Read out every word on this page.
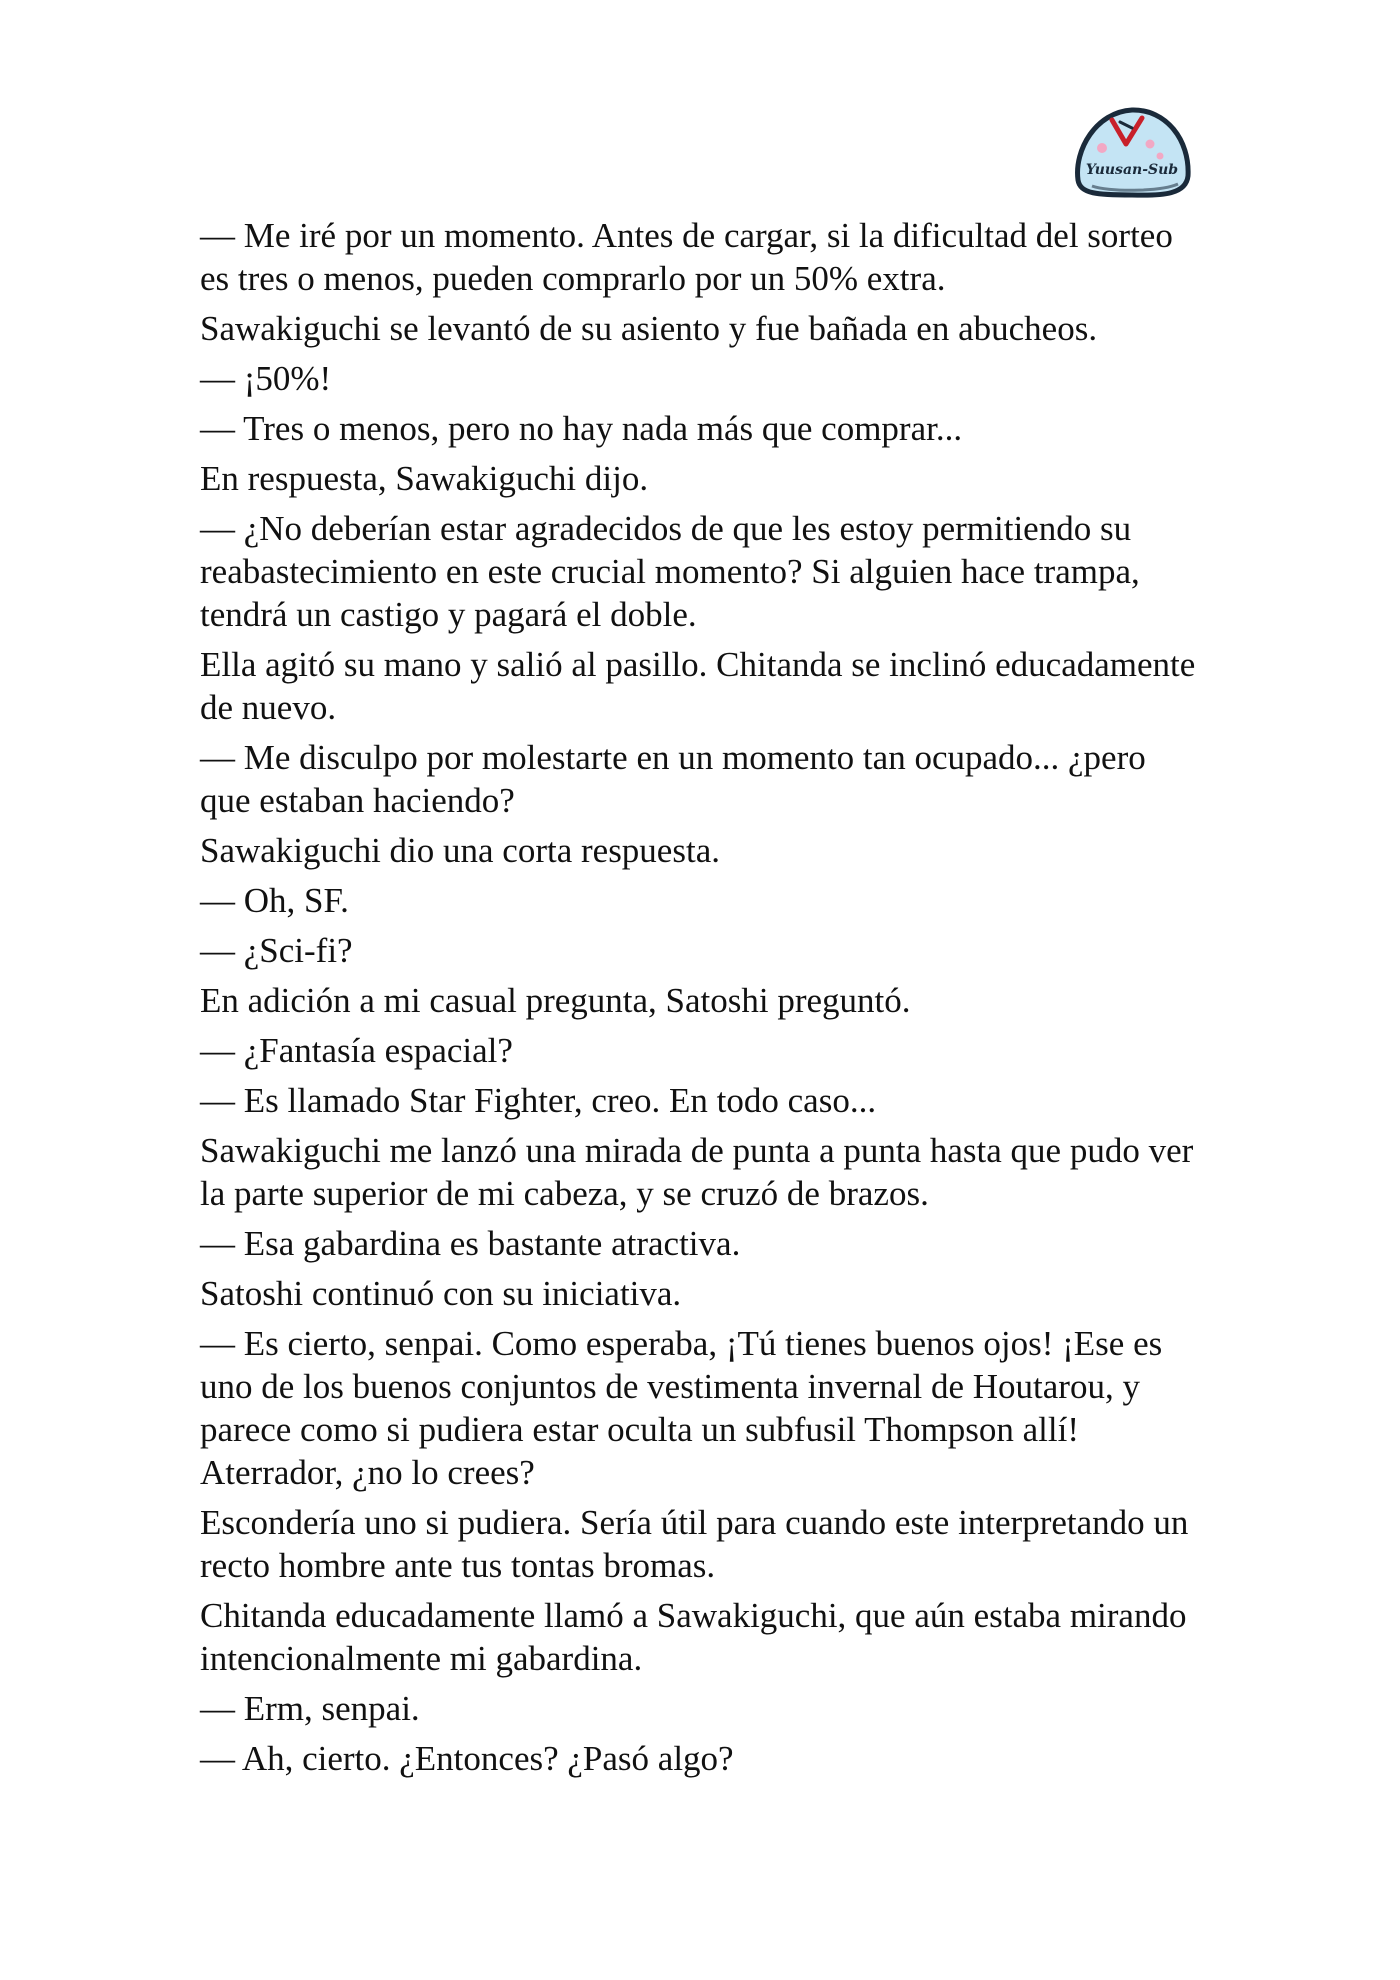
Yuusan-Sub

— Me iré por un momento. Antes de cargar, si la dificultad del sorteo es tres o menos, pueden comprarlo por un 50% extra.

Sawakiguchi se levantó de su asiento y fue bañada en abucheos.

— ¡50%!

— Tres o menos, pero no hay nada más que comprar...

En respuesta, Sawakiguchi dijo.

— ¿No deberían estar agradecidos de que les estoy permitiendo su reabastecimiento en este crucial momento? Si alguien hace trampa, tendrá un castigo y pagará el doble.

Ella agitó su mano y salió al pasillo. Chitanda se inclinó educadamente de nuevo.

— Me disculpo por molestarte en un momento tan ocupado... ¿pero que estaban haciendo?

Sawakiguchi dio una corta respuesta.

— Oh, SF.

— ¿Sci-fi?

En adición a mi casual pregunta, Satoshi preguntó.

— ¿Fantasía espacial?

— Es llamado Star Fighter, creo. En todo caso...

Sawakiguchi me lanzó una mirada de punta a punta hasta que pudo ver la parte superior de mi cabeza, y se cruzó de brazos.

— Esa gabardina es bastante atractiva.

Satoshi continuó con su iniciativa.

— Es cierto, senpai. Como esperaba, ¡Tú tienes buenos ojos! ¡Ese es uno de los buenos conjuntos de vestimenta invernal de Houtarou, y parece como si pudiera estar oculta un subfusil Thompson allí! Aterrador, ¿no lo crees?

Escondería uno si pudiera. Sería útil para cuando este interpretando un recto hombre ante tus tontas bromas.

Chitanda educadamente llamó a Sawakiguchi, que aún estaba mirando intencionalmente mi gabardina.

— Erm, senpai.

— Ah, cierto. ¿Entonces? ¿Pasó algo?
